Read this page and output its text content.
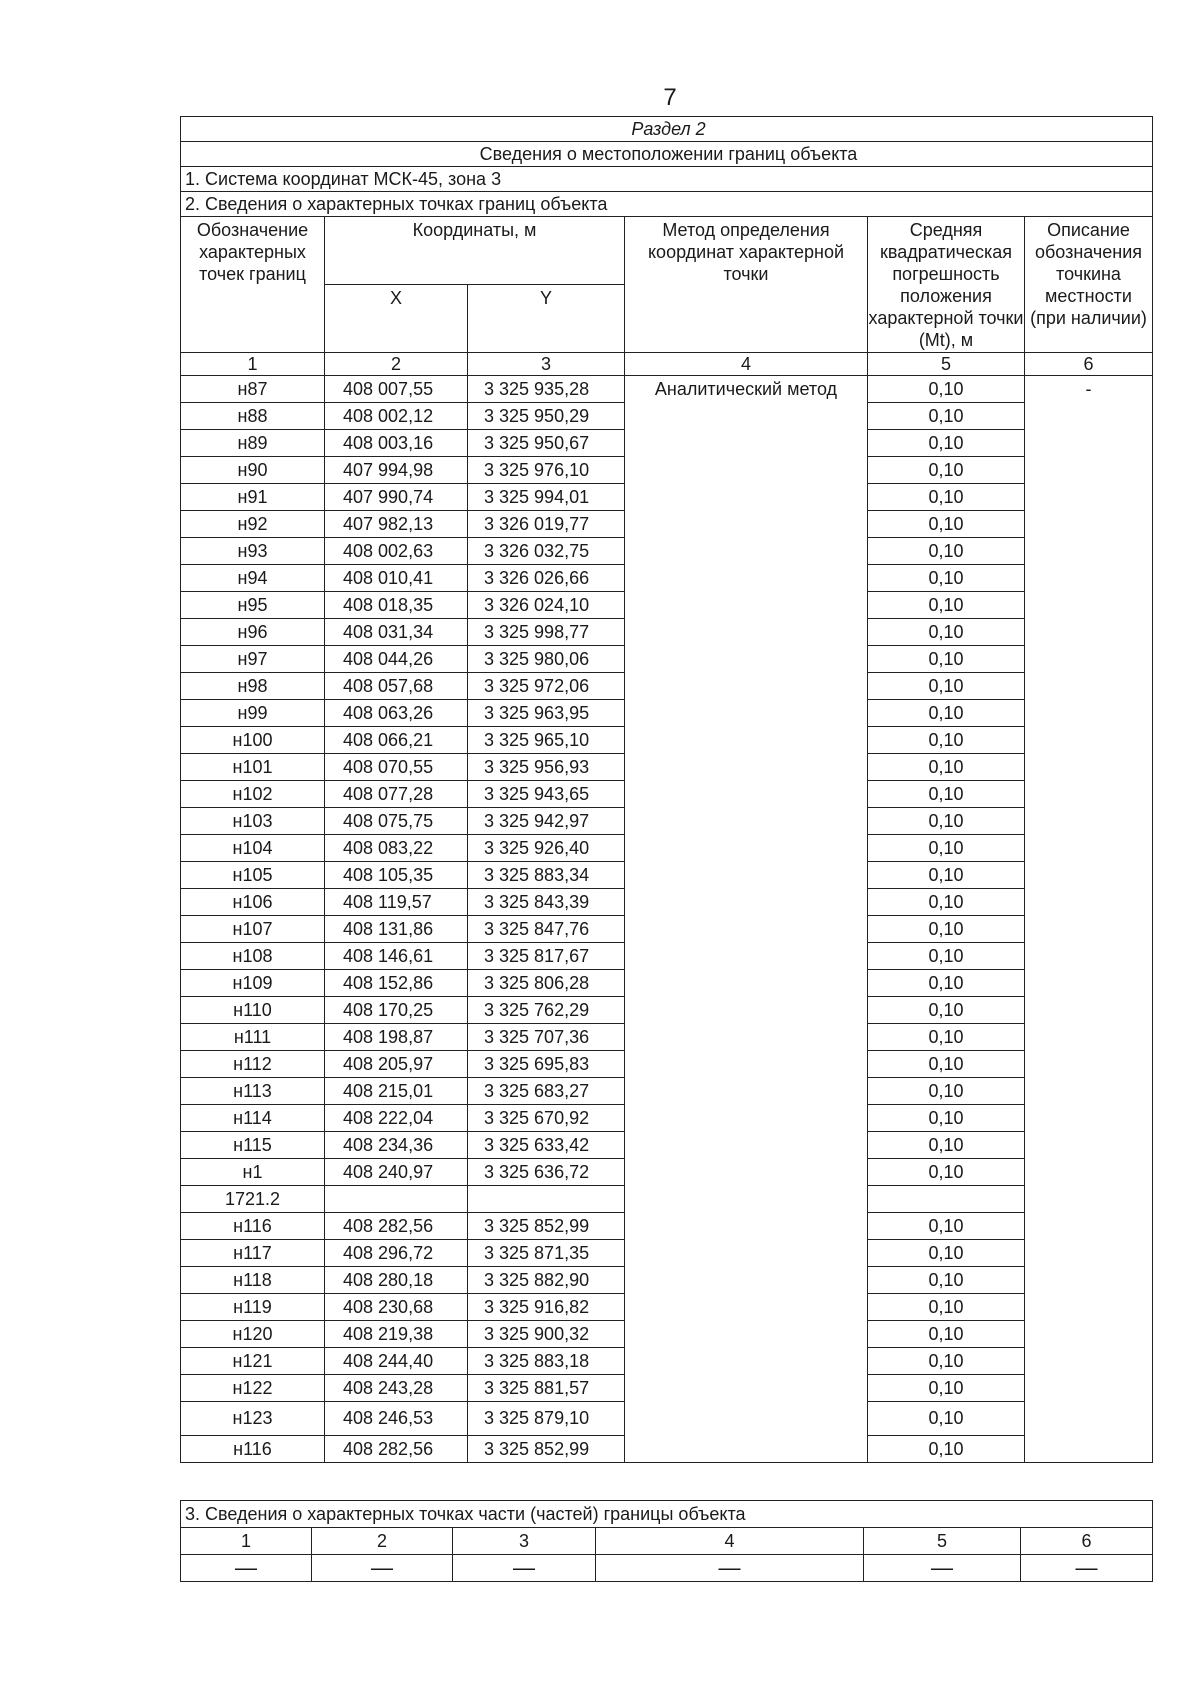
7
Раздел 2					
Сведения о местоположении границ объекта					
1. Система координат МСК-45, зона 3					
2. Сведения о характерных точках границ объекта					
Обозначение характерных точек границ	Координаты, м		Метод определения координат характерной точки	Средняя квадратическая погрешность положения характерной точки (Mt), м	Описание обозначения точкина местности (при наличии)
	X	Y			
1	2	3	4	5	6
н87	408 007,55	3 325 935,28	Аналитический метод	0,10	-
н88	408 002,12	3 325 950,29		0,10	
н89	408 003,16	3 325 950,67		0,10	
н90	407 994,98	3 325 976,10		0,10	
н91	407 990,74	3 325 994,01		0,10	
н92	407 982,13	3 326 019,77		0,10	
н93	408 002,63	3 326 032,75		0,10	
н94	408 010,41	3 326 026,66		0,10	
н95	408 018,35	3 326 024,10		0,10	
н96	408 031,34	3 325 998,77		0,10	
н97	408 044,26	3 325 980,06		0,10	
н98	408 057,68	3 325 972,06		0,10	
н99	408 063,26	3 325 963,95		0,10	
н100	408 066,21	3 325 965,10		0,10	
н101	408 070,55	3 325 956,93		0,10	
н102	408 077,28	3 325 943,65		0,10	
н103	408 075,75	3 325 942,97		0,10	
н104	408 083,22	3 325 926,40		0,10	
н105	408 105,35	3 325 883,34		0,10	
н106	408 119,57	3 325 843,39		0,10	
н107	408 131,86	3 325 847,76		0,10	
н108	408 146,61	3 325 817,67		0,10	
н109	408 152,86	3 325 806,28		0,10	
н110	408 170,25	3 325 762,29		0,10	
н111	408 198,87	3 325 707,36		0,10	
н112	408 205,97	3 325 695,83		0,10	
н113	408 215,01	3 325 683,27		0,10	
н114	408 222,04	3 325 670,92		0,10	
н115	408 234,36	3 325 633,42		0,10	
н1	408 240,97	3 325 636,72		0,10	
1721.2					
н116	408 282,56	3 325 852,99		0,10	
н117	408 296,72	3 325 871,35		0,10	
н118	408 280,18	3 325 882,90		0,10	
н119	408 230,68	3 325 916,82		0,10	
н120	408 219,38	3 325 900,32		0,10	
н121	408 244,40	3 325 883,18		0,10	
н122	408 243,28	3 325 881,57		0,10	
н123	408 246,53	3 325 879,10		0,10	
н116	408 282,56	3 325 852,99		0,10	
3. Сведения о характерных точках части (частей) границы объекта					
1	2	3	4	5	6
—	—	—	—	—	—
